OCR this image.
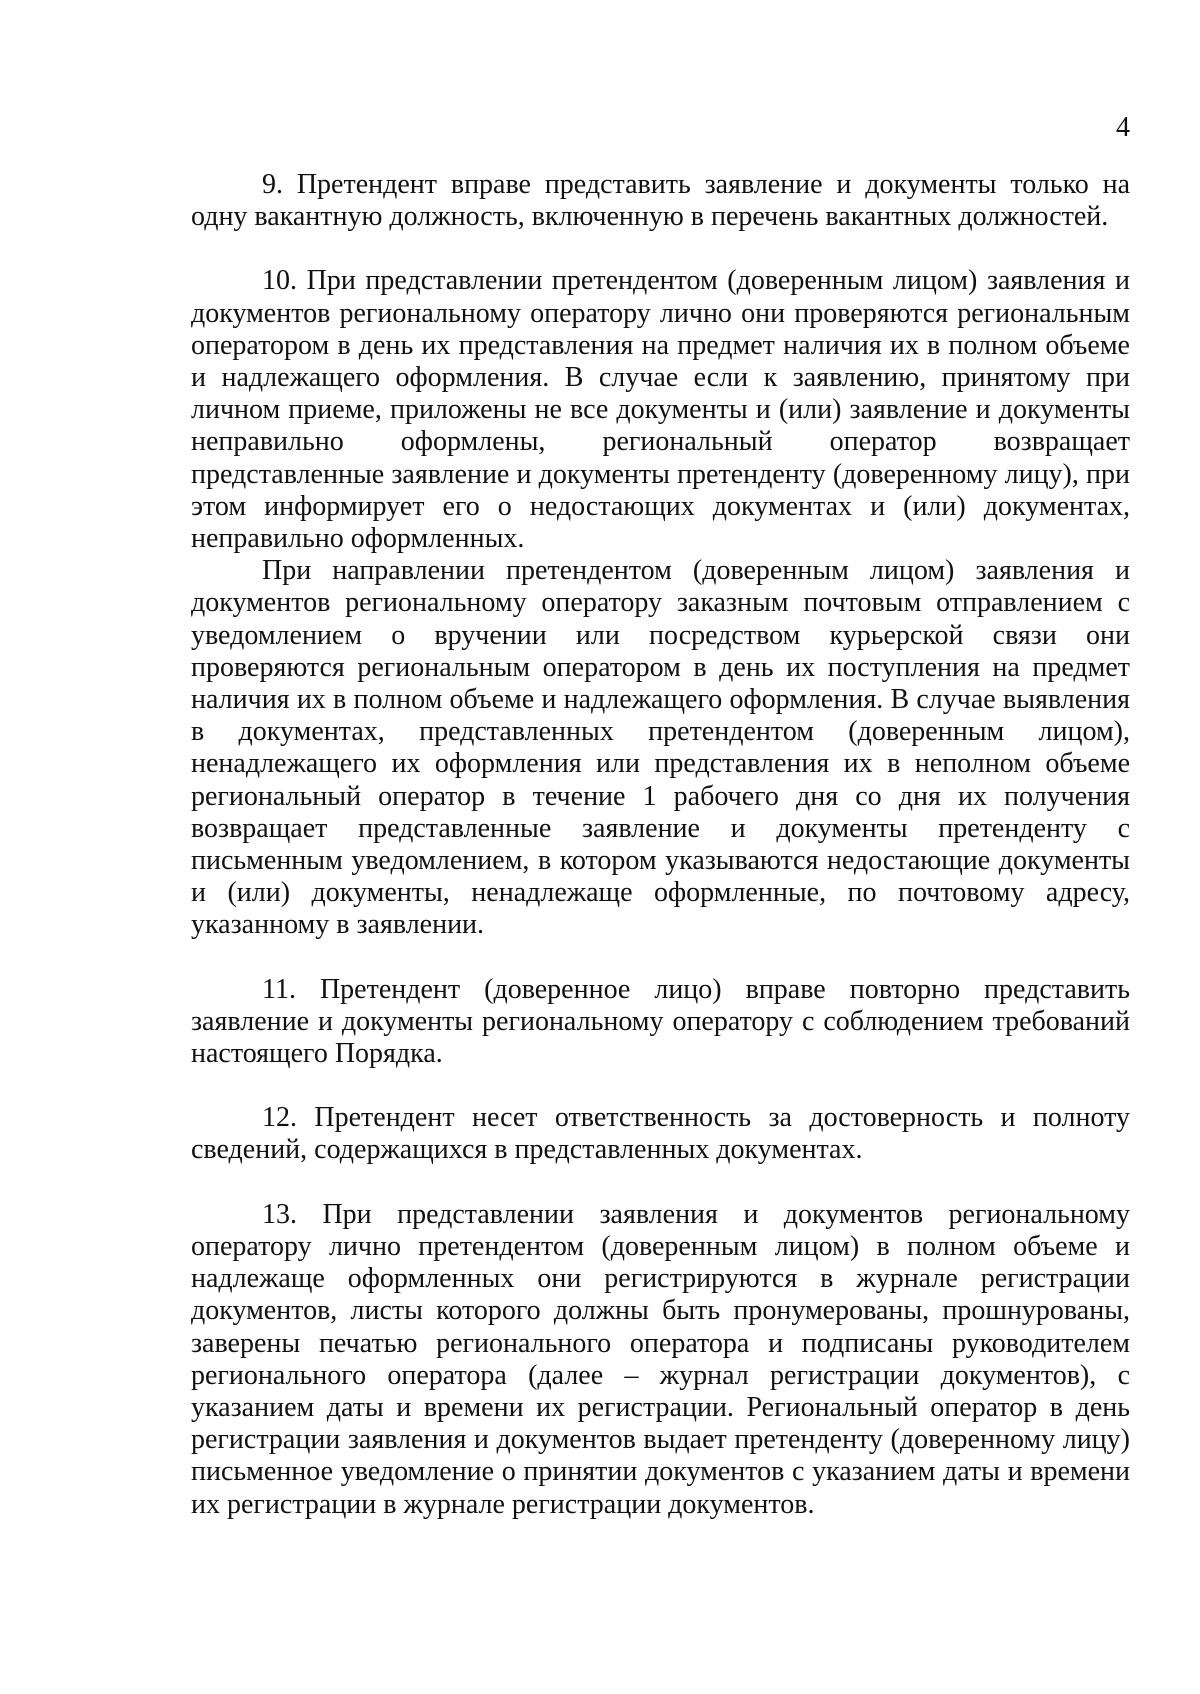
4

9. Претендент вправе представить заявление и документы только на одну вакантную должность, включенную в перечень вакантных должностей.

10. При представлении претендентом (доверенным лицом) заявления и документов региональному оператору лично они проверяются региональным оператором в день их представления на предмет наличия их в полном объеме и надлежащего оформления. В случае если к заявлению, принятому при личном приеме, приложены не все документы и (или) заявление и документы неправильно оформлены, региональный оператор возвращает представленные заявление и документы претенденту (доверенному лицу), при этом информирует его о недостающих документах и (или) документах, неправильно оформленных.

При направлении претендентом (доверенным лицом) заявления и документов региональному оператору заказным почтовым отправлением с уведомлением о вручении или посредством курьерской связи они проверяются региональным оператором в день их поступления на предмет наличия их в полном объеме и надлежащего оформления. В случае выявления в документах, представленных претендентом (доверенным лицом), ненадлежащего их оформления или представления их в неполном объеме региональный оператор в течение 1 рабочего дня со дня их получения возвращает представленные заявление и документы претенденту с письменным уведомлением, в котором указываются недостающие документы и (или) документы, ненадлежаще оформленные, по почтовому адресу, указанному в заявлении.

11. Претендент (доверенное лицо) вправе повторно представить заявление и документы региональному оператору с соблюдением требований настоящего Порядка.

12. Претендент несет ответственность за достоверность и полноту сведений, содержащихся в представленных документах.

13. При представлении заявления и документов региональному оператору лично претендентом (доверенным лицом) в полном объеме и надлежаще оформленных они регистрируются в журнале регистрации документов, листы которого должны быть пронумерованы, прошнурованы, заверены печатью регионального оператора и подписаны руководителем регионального оператора (далее – журнал регистрации документов), с указанием даты и времени их регистрации. Региональный оператор в день регистрации заявления и документов выдает претенденту (доверенному лицу) письменное уведомление о принятии документов с указанием даты и времени их регистрации в журнале регистрации документов.
